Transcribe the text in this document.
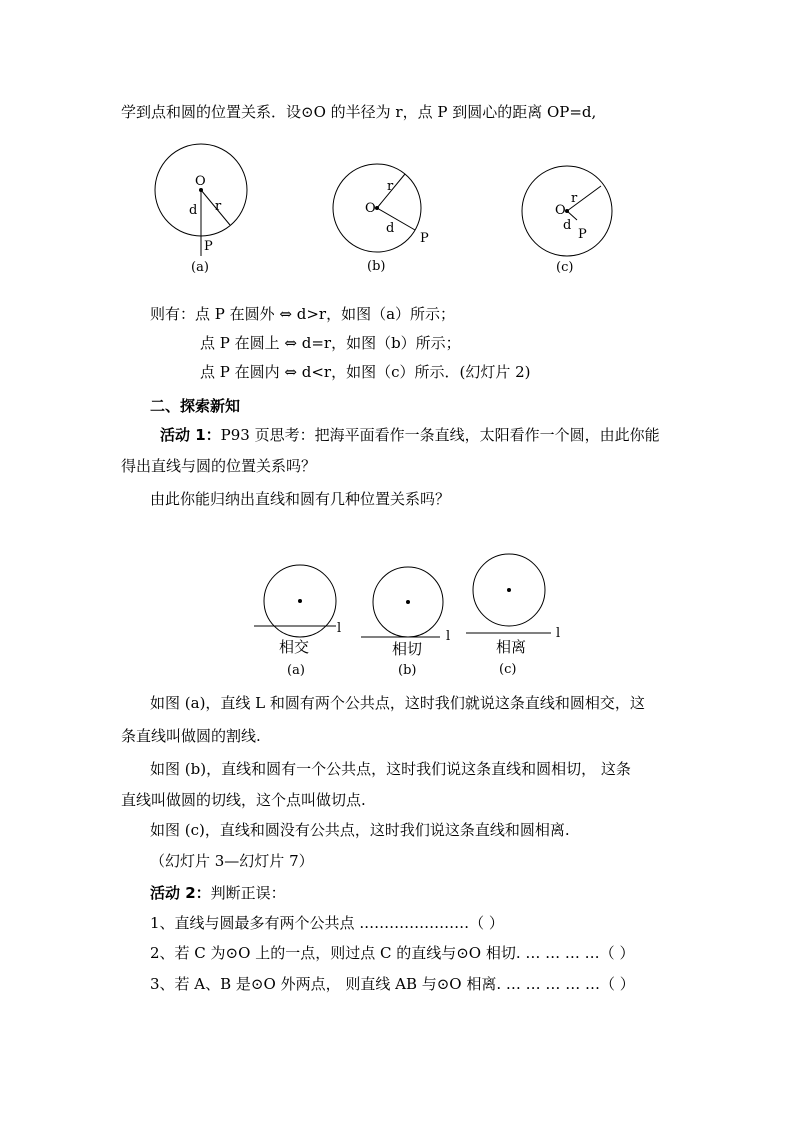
学到点和圆的位置关系．设⊙O 的半径为 r，点 P 到圆心的距离 OP=d,
则有：点 P 在圆外 ⇔ d>r，如图（a）所示；
点 P 在圆上 ⇔ d=r，如图（b）所示；
点 P 在圆内 ⇔ d<r，如图（c）所示．(幻灯片 2)
二、探索新知
活动 1：P93 页思考：把海平面看作一条直线，太阳看作一个圆，由此你能
得出直线与圆的位置关系吗？
由此你能归纳出直线和圆有几种位置关系吗？
如图 (a)，直线 L 和圆有两个公共点，这时我们就说这条直线和圆相交，这
条直线叫做圆的割线.
如图 (b)，直线和圆有一个公共点，这时我们说这条直线和圆相切， 这条
直线叫做圆的切线，这个点叫做切点.
如图 (c)，直线和圆没有公共点，这时我们说这条直线和圆相离.
（幻灯片 3—幻灯片 7）
活动 2：判断正误：
1、直线与圆最多有两个公共点 .…………………（ ）
2、若 C 为⊙O 上的一点，则过点 C 的直线与⊙O 相切. … … … …（ ）
3、若 A、B 是⊙O 外两点， 则直线 AB 与⊙O 相离. … … … … …（ ）
O
d r
P
(a)
O
r
d
P
(b)
O
r
d
P
(c)
l
相交
(a)
l
相切
(b)
l
相离
(c)
